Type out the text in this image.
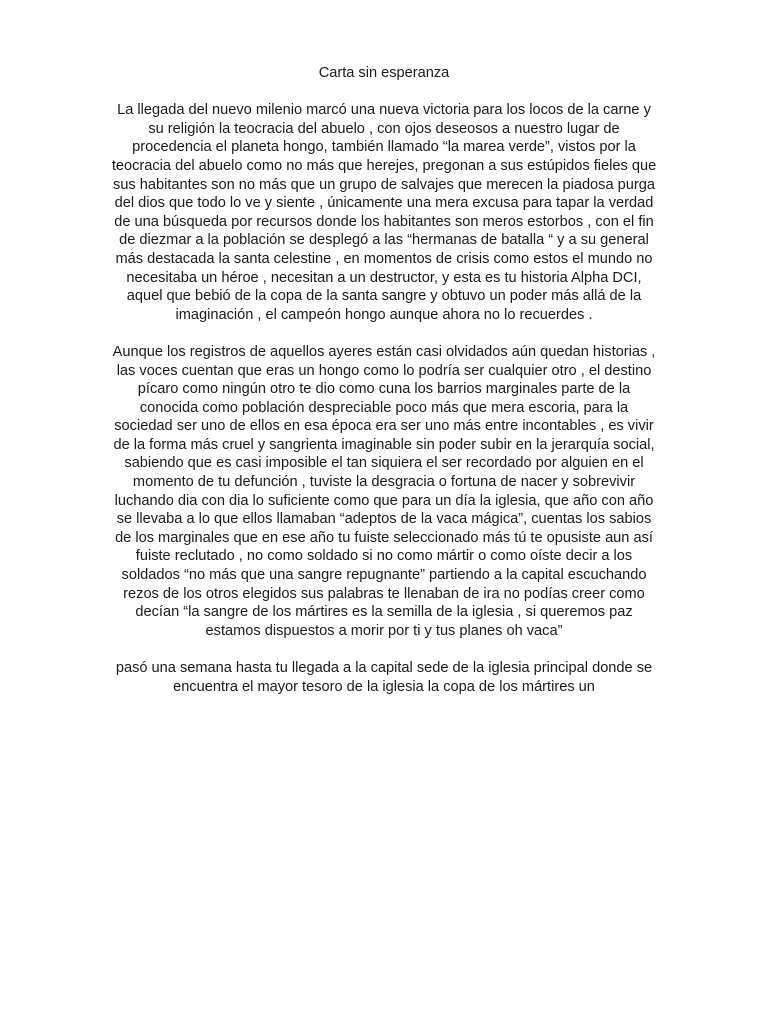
Carta sin esperanza
La llegada del nuevo milenio marcó una nueva victoria para los locos de la carne y
su religión la teocracia del abuelo , con ojos deseosos a nuestro lugar de
procedencia el planeta hongo, también llamado “la marea verde”, vistos por la
teocracia del abuelo como no más que herejes, pregonan a sus estúpidos fieles que
sus habitantes son no más que un grupo de salvajes que merecen la piadosa purga
del dios que todo lo ve y siente , únicamente una mera excusa para tapar la verdad
de una búsqueda por recursos donde los habitantes son meros estorbos , con el fin
de diezmar a la población se desplegó a las “hermanas de batalla “ y a su general
más destacada la santa celestine , en momentos de crisis como estos el mundo no
necesitaba un héroe , necesitan a un destructor, y esta es tu historia Alpha DCI,
aquel que bebió de la copa de la santa sangre y obtuvo un poder más allá de la
imaginación , el campeón hongo aunque ahora no lo recuerdes .
Aunque los registros de aquellos ayeres están casi olvidados aún quedan historias ,
las voces cuentan que eras un hongo como lo podría ser cualquier otro , el destino
pícaro como ningún otro te dio como cuna los barrios marginales parte de la
conocida como población despreciable poco más que mera escoria, para la
sociedad ser uno de ellos en esa época era ser uno más entre incontables , es vivir
de la forma más cruel y sangrienta imaginable sin poder subir en la jerarquía social,
sabiendo que es casi imposible el tan siquiera el ser recordado por alguien en el
momento de tu defunción , tuviste la desgracia o fortuna de nacer y sobrevivir
luchando dia con dia lo suficiente como que para un día la iglesia, que año con año
se llevaba a lo que ellos llamaban “adeptos de la vaca mágica”, cuentas los sabios
de los marginales que en ese año tu fuiste seleccionado más tú te opusiste aun así
fuiste reclutado , no como soldado si no como mártir o como oíste decir a los
soldados “no más que una sangre repugnante” partiendo a la capital escuchando
rezos de los otros elegidos sus palabras te llenaban de ira no podías creer como
decían “la sangre de los mártires es la semilla de la iglesia , si queremos paz
estamos dispuestos a morir por ti y tus planes oh vaca”
pasó una semana hasta tu llegada a la capital sede de la iglesia principal donde se
encuentra el mayor tesoro de la iglesia la copa de los mártires un
